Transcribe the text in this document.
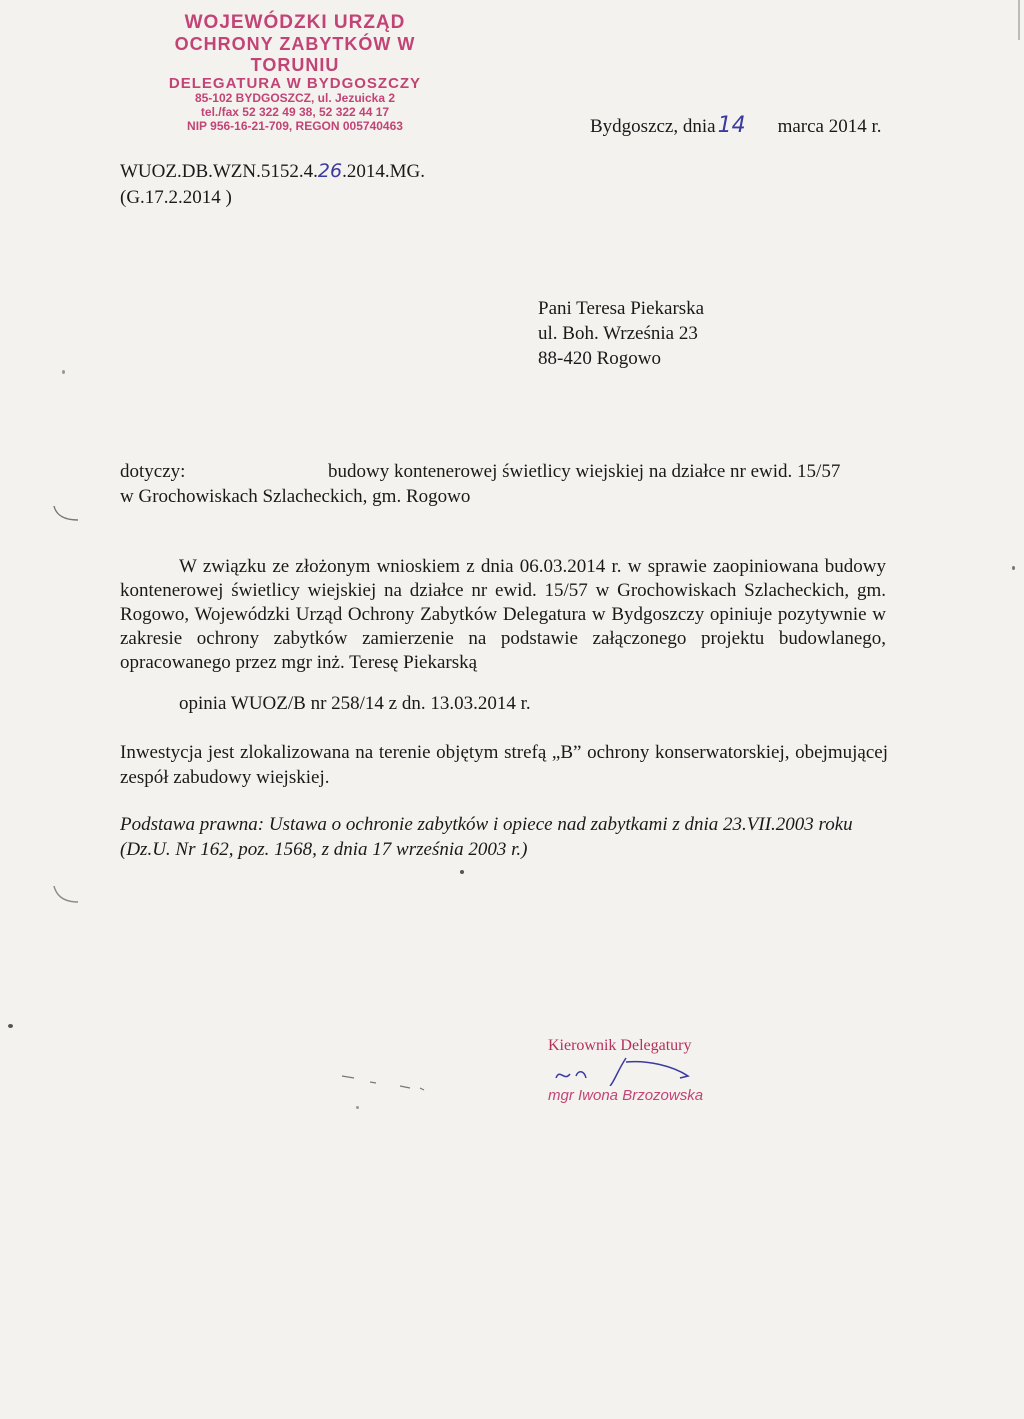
WOJEWÓDZKI URZĄD
OCHRONY ZABYTKÓW W TORUNIU
DELEGATURA W BYDGOSZCZY
85-102 BYDGOSZCZ, ul. Jezuicka 2
tel./fax 52 322 49 38, 52 322 44 17
NIP 956-16-21-709, REGON 005740463	Bydgoszcz, dnia14 marca 2014 r.
WUOZ.DB.WZN.5152.4.26.2014.MG.
(G.17.2.2014 )
Pani Teresa Piekarska
ul. Boh. Września 23
88-420 Rogowo
dotyczy:	budowy kontenerowej świetlicy wiejskiej na działce nr ewid. 15/57
w Grochowiskach Szlacheckich, gm. Rogowo
W związku ze złożonym wnioskiem z dnia 06.03.2014 r. w sprawie zaopiniowana budowy kontenerowej świetlicy wiejskiej na działce nr ewid. 15/57 w Grochowiskach Szlacheckich, gm. Rogowo, Wojewódzki Urząd Ochrony Zabytków Delegatura w Bydgoszczy opiniuje pozytywnie w zakresie ochrony zabytków zamierzenie na podstawie załączonego projektu budowlanego, opracowanego przez mgr inż. Teresę Piekarską
opinia WUOZ/B nr 258/14 z dn. 13.03.2014 r.
Inwestycja jest zlokalizowana na terenie objętym strefą „B” ochrony konserwatorskiej, obejmującej zespół zabudowy wiejskiej.
Podstawa prawna: Ustawa o ochronie zabytków i opiece nad zabytkami z dnia 23.VII.2003 roku (Dz.U. Nr 162, poz. 1568, z dnia 17 września 2003 r.)
Kierownik Delegatury
mgr Iwona Brzozowska
